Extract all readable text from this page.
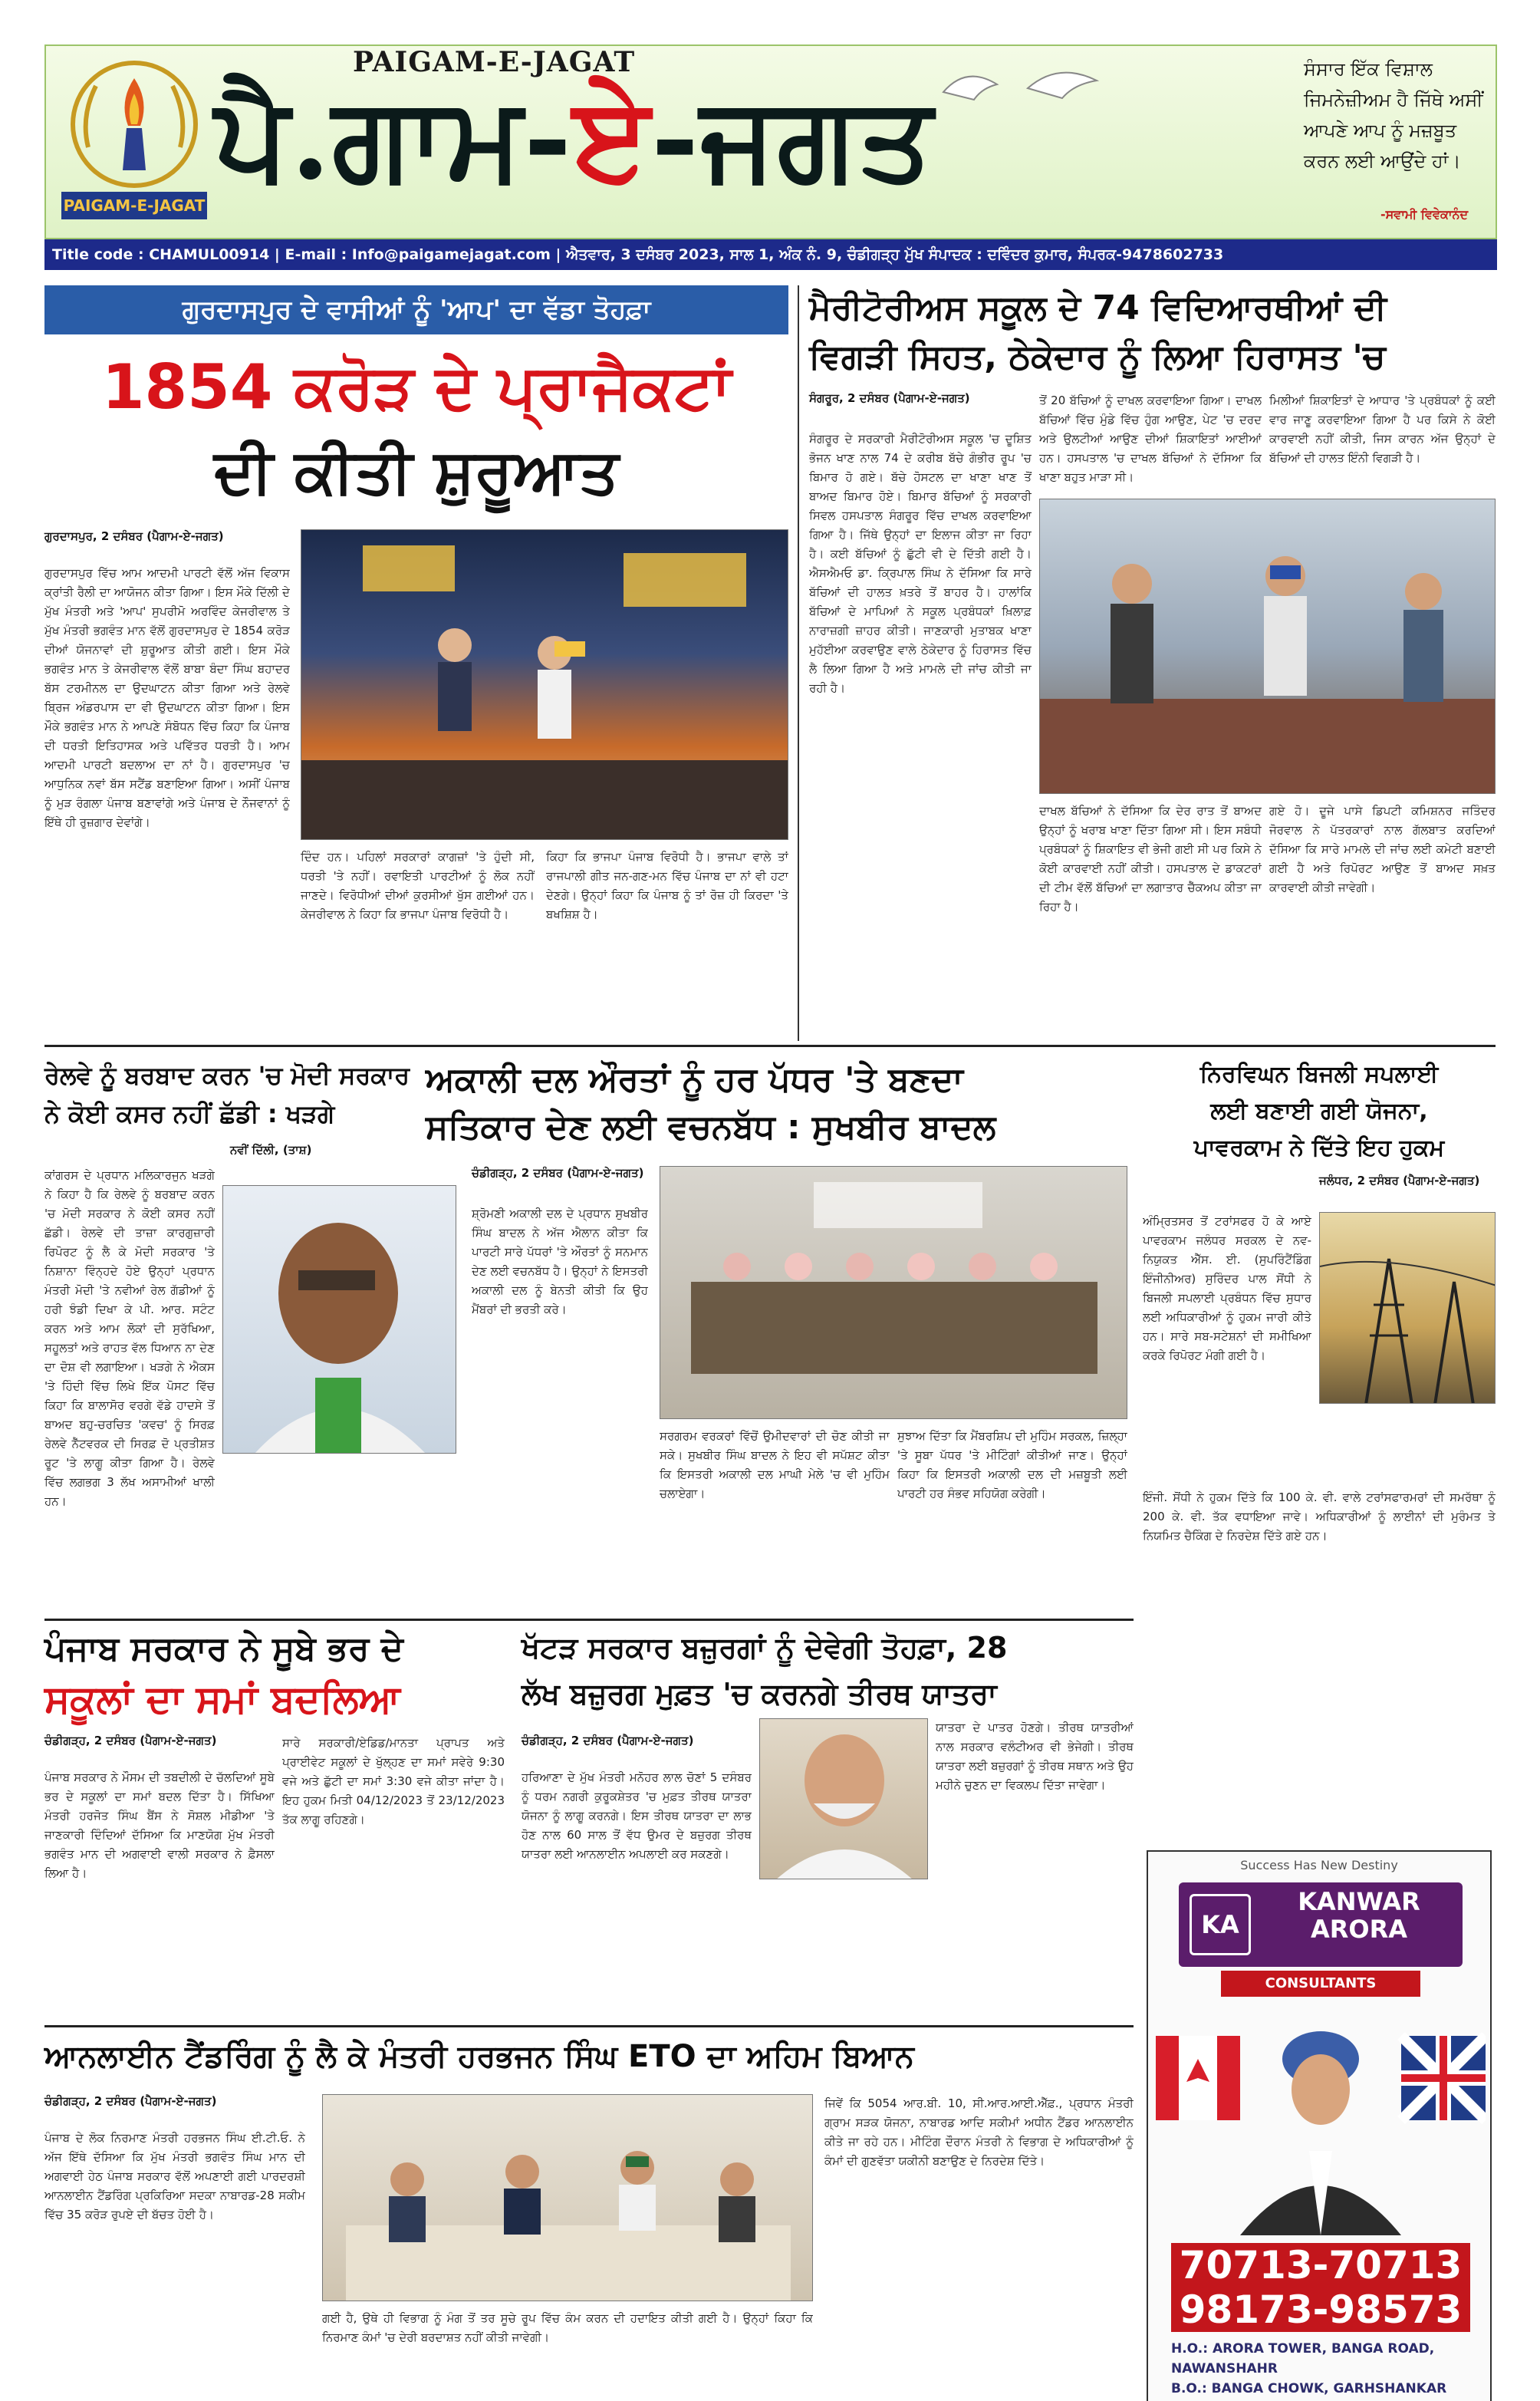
PAIGAM-E-JAGAT
PAIGAM-E-JAGAT
ਪੈ.ਗਾਮ-ਏ-ਜਗਤ
ਸੰਸਾਰ ਇੱਕ ਵਿਸ਼ਾਲ ਜਿਮਨੇਜ਼ੀਅਮ ਹੈ ਜਿੱਥੇ ਅਸੀਂ ਆਪਣੇ ਆਪ ਨੂੰ ਮਜ਼ਬੂਤ ਕਰਨ ਲਈ ਆਉਂਦੇ ਹਾਂ।
-ਸਵਾਮੀ ਵਿਵੇਕਾਨੰਦ
Title code : CHAMUL00914 | E-mail : Info@paigamejagat.com | ਐਤਵਾਰ, 3 ਦਸੰਬਰ 2023, ਸਾਲ 1, ਅੰਕ ਨੰ. 9, ਚੰਡੀਗੜ੍ਹ ਮੁੱਖ ਸੰਪਾਦਕ : ਦਵਿੰਦਰ ਕੁਮਾਰ, ਸੰਪਰਕ-9478602733
ਗੁਰਦਾਸਪੁਰ ਦੇ ਵਾਸੀਆਂ ਨੂੰ 'ਆਪ' ਦਾ ਵੱਡਾ ਤੋਹਫ਼ਾ
1854 ਕਰੋੜ ਦੇ ਪ੍ਰਾਜੈਕਟਾਂ
ਦੀ ਕੀਤੀ ਸ਼ੁਰੂਆਤ
ਗੁਰਦਾਸਪੁਰ, 2 ਦਸੰਬਰ (ਪੈਗਾਮ-ਏ-ਜਗਤ)
ਗੁਰਦਾਸਪੁਰ ਵਿੱਚ ਆਮ ਆਦਮੀ ਪਾਰਟੀ ਵੱਲੋਂ ਅੱਜ ਵਿਕਾਸ ਕ੍ਰਾਂਤੀ ਰੈਲੀ ਦਾ ਆਯੋਜਨ ਕੀਤਾ ਗਿਆ। ਇਸ ਮੌਕੇ ਦਿੱਲੀ ਦੇ ਮੁੱਖ ਮੰਤਰੀ ਅਤੇ 'ਆਪ' ਸੁਪਰੀਮੋ ਅਰਵਿੰਦ ਕੇਜਰੀਵਾਲ ਤੇ ਮੁੱਖ ਮੰਤਰੀ ਭਗਵੰਤ ਮਾਨ ਵੱਲੋਂ ਗੁਰਦਾਸਪੁਰ ਦੇ 1854 ਕਰੋੜ ਦੀਆਂ ਯੋਜਨਾਵਾਂ ਦੀ ਸ਼ੁਰੂਆਤ ਕੀਤੀ ਗਈ। ਇਸ ਮੌਕੇ ਭਗਵੰਤ ਮਾਨ ਤੇ ਕੇਜਰੀਵਾਲ ਵੱਲੋਂ ਬਾਬਾ ਬੰਦਾ ਸਿੰਘ ਬਹਾਦਰ ਬੱਸ ਟਰਮੀਨਲ ਦਾ ਉਦਘਾਟਨ ਕੀਤਾ ਗਿਆ ਅਤੇ ਰੇਲਵੇ ਬ੍ਰਿਜ ਅੰਡਰਪਾਸ ਦਾ ਵੀ ਉਦਘਾਟਨ ਕੀਤਾ ਗਿਆ। ਇਸ ਮੌਕੇ ਭਗਵੰਤ ਮਾਨ ਨੇ ਆਪਣੇ ਸੰਬੋਧਨ ਵਿੱਚ ਕਿਹਾ ਕਿ ਪੰਜਾਬ ਦੀ ਧਰਤੀ ਇਤਿਹਾਸਕ ਅਤੇ ਪਵਿੱਤਰ ਧਰਤੀ ਹੈ। ਆਮ ਆਦਮੀ ਪਾਰਟੀ ਬਦਲਾਅ ਦਾ ਨਾਂ ਹੈ। ਗੁਰਦਾਸਪੁਰ 'ਚ ਆਧੁਨਿਕ ਨਵਾਂ ਬੱਸ ਸਟੈਂਡ ਬਣਾਇਆ ਗਿਆ। ਅਸੀਂ ਪੰਜਾਬ ਨੂੰ ਮੁੜ ਰੰਗਲਾ ਪੰਜਾਬ ਬਣਾਵਾਂਗੇ ਅਤੇ ਪੰਜਾਬ ਦੇ ਨੌਜਵਾਨਾਂ ਨੂੰ ਇੱਥੇ ਹੀ ਰੁਜ਼ਗਾਰ ਦੇਵਾਂਗੇ।
ਦਿੰਦ ਹਨ। ਪਹਿਲਾਂ ਸਰਕਾਰਾਂ ਕਾਗਜ਼ਾਂ 'ਤੇ ਹੁੰਦੀ ਸੀ, ਧਰਤੀ 'ਤੇ ਨਹੀਂ। ਰਵਾਇਤੀ ਪਾਰਟੀਆਂ ਨੂੰ ਲੋਕ ਨਹੀਂ ਜਾਣਦੇ। ਵਿਰੋਧੀਆਂ ਦੀਆਂ ਕੁਰਸੀਆਂ ਖੁੱਸ ਗਈਆਂ ਹਨ। ਕੇਜਰੀਵਾਲ ਨੇ ਕਿਹਾ ਕਿ ਭਾਜਪਾ ਪੰਜਾਬ ਵਿਰੋਧੀ ਹੈ।
ਕਿਹਾ ਕਿ ਭਾਜਪਾ ਪੰਜਾਬ ਵਿਰੋਧੀ ਹੈ। ਭਾਜਪਾ ਵਾਲੇ ਤਾਂ ਰਾਜਪਾਲੀ ਗੀਤ ਜਨ-ਗਣ-ਮਨ ਵਿੱਚ ਪੰਜਾਬ ਦਾ ਨਾਂ ਵੀ ਹਟਾ ਦੇਣਗੇ। ਉਨ੍ਹਾਂ ਕਿਹਾ ਕਿ ਪੰਜਾਬ ਨੂੰ ਤਾਂ ਰੋਜ਼ ਹੀ ਕਿਰਦਾ 'ਤੇ ਬਖਸ਼ਿਸ਼ ਹੈ।
ਮੈਰੀਟੋਰੀਅਸ ਸਕੂਲ ਦੇ 74 ਵਿਦਿਆਰਥੀਆਂ ਦੀ
ਵਿਗੜੀ ਸਿਹਤ, ਠੇਕੇਦਾਰ ਨੂੰ ਲਿਆ ਹਿਰਾਸਤ 'ਚ
ਸੰਗਰੂਰ, 2 ਦਸੰਬਰ (ਪੈਗਾਮ-ਏ-ਜਗਤ)
ਸੰਗਰੂਰ ਦੇ ਸਰਕਾਰੀ ਮੈਰੀਟੋਰੀਅਸ ਸਕੂਲ 'ਚ ਦੂਸ਼ਿਤ ਭੋਜਨ ਖਾਣ ਨਾਲ 74 ਦੇ ਕਰੀਬ ਬੱਚੇ ਗੰਭੀਰ ਰੂਪ 'ਚ ਬਿਮਾਰ ਹੋ ਗਏ। ਬੱਚੇ ਹੋਸਟਲ ਦਾ ਖਾਣਾ ਖਾਣ ਤੋਂ ਬਾਅਦ ਬਿਮਾਰ ਹੋਏ। ਬਿਮਾਰ ਬੱਚਿਆਂ ਨੂੰ ਸਰਕਾਰੀ ਸਿਵਲ ਹਸਪਤਾਲ ਸੰਗਰੂਰ ਵਿੱਚ ਦਾਖਲ ਕਰਵਾਇਆ ਗਿਆ ਹੈ। ਜਿੱਥੇ ਉਨ੍ਹਾਂ ਦਾ ਇਲਾਜ ਕੀਤਾ ਜਾ ਰਿਹਾ ਹੈ। ਕਈ ਬੱਚਿਆਂ ਨੂੰ ਛੁੱਟੀ ਵੀ ਦੇ ਦਿੱਤੀ ਗਈ ਹੈ। ਐਸਐਮਓ ਡਾ. ਕ੍ਰਿਪਾਲ ਸਿੰਘ ਨੇ ਦੱਸਿਆ ਕਿ ਸਾਰੇ ਬੱਚਿਆਂ ਦੀ ਹਾਲਤ ਖ਼ਤਰੇ ਤੋਂ ਬਾਹਰ ਹੈ। ਹਾਲਾਂਕਿ ਬੱਚਿਆਂ ਦੇ ਮਾਪਿਆਂ ਨੇ ਸਕੂਲ ਪ੍ਰਬੰਧਕਾਂ ਖ਼ਿਲਾਫ਼ ਨਾਰਾਜ਼ਗੀ ਜ਼ਾਹਰ ਕੀਤੀ। ਜਾਣਕਾਰੀ ਮੁਤਾਬਕ ਖਾਣਾ ਮੁਹੱਈਆ ਕਰਵਾਉਣ ਵਾਲੇ ਠੇਕੇਦਾਰ ਨੂੰ ਹਿਰਾਸਤ ਵਿੱਚ ਲੈ ਲਿਆ ਗਿਆ ਹੈ ਅਤੇ ਮਾਮਲੇ ਦੀ ਜਾਂਚ ਕੀਤੀ ਜਾ ਰਹੀ ਹੈ।
ਤੋਂ 20 ਬੱਚਿਆਂ ਨੂੰ ਦਾਖਲ ਕਰਵਾਇਆ ਗਿਆ। ਦਾਖਲ ਬੱਚਿਆਂ ਵਿੱਚ ਮੁੰਡੇ ਵਿੱਚ ਹੁੰਗ ਆਉਣ, ਪੇਟ 'ਚ ਦਰਦ ਅਤੇ ਉਲਟੀਆਂ ਆਉਣ ਦੀਆਂ ਸ਼ਿਕਾਇਤਾਂ ਆਈਆਂ ਹਨ। ਹਸਪਤਾਲ 'ਚ ਦਾਖਲ ਬੱਚਿਆਂ ਨੇ ਦੱਸਿਆ ਕਿ ਖਾਣਾ ਬਹੁਤ ਮਾੜਾ ਸੀ।
ਮਿਲੀਆਂ ਸ਼ਿਕਾਇਤਾਂ ਦੇ ਆਧਾਰ 'ਤੇ ਪ੍ਰਬੰਧਕਾਂ ਨੂੰ ਕਈ ਵਾਰ ਜਾਣੂ ਕਰਵਾਇਆ ਗਿਆ ਹੈ ਪਰ ਕਿਸੇ ਨੇ ਕੋਈ ਕਾਰਵਾਈ ਨਹੀਂ ਕੀਤੀ, ਜਿਸ ਕਾਰਨ ਅੱਜ ਉਨ੍ਹਾਂ ਦੇ ਬੱਚਿਆਂ ਦੀ ਹਾਲਤ ਇੰਨੀ ਵਿਗੜੀ ਹੈ।
ਦਾਖਲ ਬੱਚਿਆਂ ਨੇ ਦੱਸਿਆ ਕਿ ਦੇਰ ਰਾਤ ਤੋਂ ਬਾਅਦ ਉਨ੍ਹਾਂ ਨੂੰ ਖਰਾਬ ਖਾਣਾ ਦਿੱਤਾ ਗਿਆ ਸੀ। ਇਸ ਸਬੰਧੀ ਪ੍ਰਬੰਧਕਾਂ ਨੂੰ ਸ਼ਿਕਾਇਤ ਵੀ ਭੇਜੀ ਗਈ ਸੀ ਪਰ ਕਿਸੇ ਨੇ ਕੋਈ ਕਾਰਵਾਈ ਨਹੀਂ ਕੀਤੀ। ਹਸਪਤਾਲ ਦੇ ਡਾਕਟਰਾਂ ਦੀ ਟੀਮ ਵੱਲੋਂ ਬੱਚਿਆਂ ਦਾ ਲਗਾਤਾਰ ਚੈੱਕਅਪ ਕੀਤਾ ਜਾ ਰਿਹਾ ਹੈ।
ਗਏ ਹੋ। ਦੂਜੇ ਪਾਸੇ ਡਿਪਟੀ ਕਮਿਸ਼ਨਰ ਜਤਿੰਦਰ ਜੋਰਵਾਲ ਨੇ ਪੱਤਰਕਾਰਾਂ ਨਾਲ ਗੱਲਬਾਤ ਕਰਦਿਆਂ ਦੱਸਿਆ ਕਿ ਸਾਰੇ ਮਾਮਲੇ ਦੀ ਜਾਂਚ ਲਈ ਕਮੇਟੀ ਬਣਾਈ ਗਈ ਹੈ ਅਤੇ ਰਿਪੋਰਟ ਆਉਣ ਤੋਂ ਬਾਅਦ ਸਖ਼ਤ ਕਾਰਵਾਈ ਕੀਤੀ ਜਾਵੇਗੀ।
ਰੇਲਵੇ ਨੂੰ ਬਰਬਾਦ ਕਰਨ 'ਚ ਮੋਦੀ ਸਰਕਾਰ
ਨੇ ਕੋਈ ਕਸਰ ਨਹੀਂ ਛੱਡੀ : ਖੜਗੇ
ਨਵੀਂ ਦਿੱਲੀ, (ਤਾਸ਼)
ਕਾਂਗਰਸ ਦੇ ਪ੍ਰਧਾਨ ਮਲਿਕਾਰਜੁਨ ਖੜਗੇ ਨੇ ਕਿਹਾ ਹੈ ਕਿ ਰੇਲਵੇ ਨੂੰ ਬਰਬਾਦ ਕਰਨ 'ਚ ਮੋਦੀ ਸਰਕਾਰ ਨੇ ਕੋਈ ਕਸਰ ਨਹੀਂ ਛੱਡੀ। ਰੇਲਵੇ ਦੀ ਤਾਜ਼ਾ ਕਾਰਗੁਜ਼ਾਰੀ ਰਿਪੋਰਟ ਨੂੰ ਲੈ ਕੇ ਮੋਦੀ ਸਰਕਾਰ 'ਤੇ ਨਿਸ਼ਾਨਾ ਵਿੰਨ੍ਹਦੇ ਹੋਏ ਉਨ੍ਹਾਂ ਪ੍ਰਧਾਨ ਮੰਤਰੀ ਮੋਦੀ 'ਤੇ ਨਵੀਆਂ ਰੇਲ ਗੱਡੀਆਂ ਨੂੰ ਹਰੀ ਝੰਡੀ ਦਿਖਾ ਕੇ ਪੀ. ਆਰ. ਸਟੰਟ ਕਰਨ ਅਤੇ ਆਮ ਲੋਕਾਂ ਦੀ ਸੁਰੱਖਿਆ, ਸਹੂਲਤਾਂ ਅਤੇ ਰਾਹਤ ਵੱਲ ਧਿਆਨ ਨਾ ਦੇਣ ਦਾ ਦੋਸ਼ ਵੀ ਲਗਾਇਆ। ਖੜਗੇ ਨੇ ਐਕਸ 'ਤੇ ਹਿੰਦੀ ਵਿੱਚ ਲਿਖੇ ਇੱਕ ਪੋਸਟ ਵਿੱਚ ਕਿਹਾ ਕਿ ਬਾਲਾਸੋਰ ਵਰਗੇ ਵੱਡੇ ਹਾਦਸੇ ਤੋਂ ਬਾਅਦ ਬਹੁ-ਚਰਚਿਤ 'ਕਵਚ' ਨੂੰ ਸਿਰਫ਼ ਰੇਲਵੇ ਨੈੱਟਵਰਕ ਦੀ ਸਿਰਫ਼ ਦੋ ਪ੍ਰਤੀਸ਼ਤ ਰੂਟ 'ਤੇ ਲਾਗੂ ਕੀਤਾ ਗਿਆ ਹੈ। ਰੇਲਵੇ ਵਿੱਚ ਲਗਭਗ 3 ਲੱਖ ਅਸਾਮੀਆਂ ਖਾਲੀ ਹਨ।
ਅਕਾਲੀ ਦਲ ਔਰਤਾਂ ਨੂੰ ਹਰ ਪੱਧਰ 'ਤੇ ਬਣਦਾ
ਸਤਿਕਾਰ ਦੇਣ ਲਈ ਵਚਨਬੱਧ : ਸੁਖਬੀਰ ਬਾਦਲ
ਚੰਡੀਗੜ੍ਹ, 2 ਦਸੰਬਰ (ਪੈਗਾਮ-ਏ-ਜਗਤ)
ਸ਼੍ਰੋਮਣੀ ਅਕਾਲੀ ਦਲ ਦੇ ਪ੍ਰਧਾਨ ਸੁਖਬੀਰ ਸਿੰਘ ਬਾਦਲ ਨੇ ਅੱਜ ਐਲਾਨ ਕੀਤਾ ਕਿ ਪਾਰਟੀ ਸਾਰੇ ਪੱਧਰਾਂ 'ਤੇ ਔਰਤਾਂ ਨੂੰ ਸਨਮਾਨ ਦੇਣ ਲਈ ਵਚਨਬੱਧ ਹੈ। ਉਨ੍ਹਾਂ ਨੇ ਇਸਤਰੀ ਅਕਾਲੀ ਦਲ ਨੂੰ ਬੇਨਤੀ ਕੀਤੀ ਕਿ ਉਹ ਮੈਂਬਰਾਂ ਦੀ ਭਰਤੀ ਕਰੇ।
ਸਰਗਰਮ ਵਰਕਰਾਂ ਵਿੱਚੋਂ ਉਮੀਦਵਾਰਾਂ ਦੀ ਚੋਣ ਕੀਤੀ ਜਾ ਸਕੇ। ਸੁਖਬੀਰ ਸਿੰਘ ਬਾਦਲ ਨੇ ਇਹ ਵੀ ਸਪੱਸ਼ਟ ਕੀਤਾ ਕਿ ਇਸਤਰੀ ਅਕਾਲੀ ਦਲ ਮਾਘੀ ਮੇਲੇ 'ਚ ਵੀ ਮੁਹਿੰਮ ਚਲਾਏਗਾ।
ਸੁਝਾਅ ਦਿੱਤਾ ਕਿ ਮੈਂਬਰਸ਼ਿਪ ਦੀ ਮੁਹਿੰਮ ਸਰਕਲ, ਜ਼ਿਲ੍ਹਾ 'ਤੇ ਸੂਬਾ ਪੱਧਰ 'ਤੇ ਮੀਟਿੰਗਾਂ ਕੀਤੀਆਂ ਜਾਣ। ਉਨ੍ਹਾਂ ਕਿਹਾ ਕਿ ਇਸਤਰੀ ਅਕਾਲੀ ਦਲ ਦੀ ਮਜ਼ਬੂਤੀ ਲਈ ਪਾਰਟੀ ਹਰ ਸੰਭਵ ਸਹਿਯੋਗ ਕਰੇਗੀ।
ਨਿਰਵਿਘਨ ਬਿਜਲੀ ਸਪਲਾਈ
ਲਈ ਬਣਾਈ ਗਈ ਯੋਜਨਾ,
ਪਾਵਰਕਾਮ ਨੇ ਦਿੱਤੇ ਇਹ ਹੁਕਮ
ਜਲੰਧਰ, 2 ਦਸੰਬਰ (ਪੈਗਾਮ-ਏ-ਜਗਤ)
ਅੰਮ੍ਰਿਤਸਰ ਤੋਂ ਟਰਾਂਸਫਰ ਹੋ ਕੇ ਆਏ ਪਾਵਰਕਾਮ ਜਲੰਧਰ ਸਰਕਲ ਦੇ ਨਵ-ਨਿਯੁਕਤ ਐੱਸ. ਈ. (ਸੁਪਰਿੰਟੈਂਡਿੰਗ ਇੰਜੀਨੀਅਰ) ਸੁਰਿੰਦਰ ਪਾਲ ਸੋਂਧੀ ਨੇ ਬਿਜਲੀ ਸਪਲਾਈ ਪ੍ਰਬੰਧਨ ਵਿੱਚ ਸੁਧਾਰ ਲਈ ਅਧਿਕਾਰੀਆਂ ਨੂੰ ਹੁਕਮ ਜਾਰੀ ਕੀਤੇ ਹਨ। ਸਾਰੇ ਸਬ-ਸਟੇਸ਼ਨਾਂ ਦੀ ਸਮੀਖਿਆ ਕਰਕੇ ਰਿਪੋਰਟ ਮੰਗੀ ਗਈ ਹੈ।
ਇੰਜੀ. ਸੋਂਧੀ ਨੇ ਹੁਕਮ ਦਿੱਤੇ ਕਿ 100 ਕੇ. ਵੀ. ਵਾਲੇ ਟਰਾਂਸਫਾਰਮਰਾਂ ਦੀ ਸਮਰੱਥਾ ਨੂੰ 200 ਕੇ. ਵੀ. ਤੱਕ ਵਧਾਇਆ ਜਾਵੇ। ਅਧਿਕਾਰੀਆਂ ਨੂੰ ਲਾਈਨਾਂ ਦੀ ਮੁਰੰਮਤ ਤੇ ਨਿਯਮਿਤ ਚੈਕਿੰਗ ਦੇ ਨਿਰਦੇਸ਼ ਦਿੱਤੇ ਗਏ ਹਨ।
ਪੰਜਾਬ ਸਰਕਾਰ ਨੇ ਸੂਬੇ ਭਰ ਦੇ
ਸਕੂਲਾਂ ਦਾ ਸਮਾਂ ਬਦਲਿਆ
ਚੰਡੀਗੜ੍ਹ, 2 ਦਸੰਬਰ (ਪੈਗਾਮ-ਏ-ਜਗਤ)
ਪੰਜਾਬ ਸਰਕਾਰ ਨੇ ਮੌਸਮ ਦੀ ਤਬਦੀਲੀ ਦੇ ਚੱਲਦਿਆਂ ਸੂਬੇ ਭਰ ਦੇ ਸਕੂਲਾਂ ਦਾ ਸਮਾਂ ਬਦਲ ਦਿੱਤਾ ਹੈ। ਸਿੱਖਿਆ ਮੰਤਰੀ ਹਰਜੋਤ ਸਿੰਘ ਬੈਂਸ ਨੇ ਸੋਸ਼ਲ ਮੀਡੀਆ 'ਤੇ ਜਾਣਕਾਰੀ ਦਿੰਦਿਆਂ ਦੱਸਿਆ ਕਿ ਮਾਣਯੋਗ ਮੁੱਖ ਮੰਤਰੀ ਭਗਵੰਤ ਮਾਨ ਦੀ ਅਗਵਾਈ ਵਾਲੀ ਸਰਕਾਰ ਨੇ ਫ਼ੈਸਲਾ ਲਿਆ ਹੈ।
ਸਾਰੇ ਸਰਕਾਰੀ/ਏਡਿਡ/ਮਾਨਤਾ ਪ੍ਰਾਪਤ ਅਤੇ ਪ੍ਰਾਈਵੇਟ ਸਕੂਲਾਂ ਦੇ ਖੁੱਲ੍ਹਣ ਦਾ ਸਮਾਂ ਸਵੇਰੇ 9:30 ਵਜੇ ਅਤੇ ਛੁੱਟੀ ਦਾ ਸਮਾਂ 3:30 ਵਜੇ ਕੀਤਾ ਜਾਂਦਾ ਹੈ। ਇਹ ਹੁਕਮ ਮਿਤੀ 04/12/2023 ਤੋਂ 23/12/2023 ਤੱਕ ਲਾਗੂ ਰਹਿਣਗੇ।
ਖੱਟੜ ਸਰਕਾਰ ਬਜ਼ੁਰਗਾਂ ਨੂੰ ਦੇਵੇਗੀ ਤੋਹਫ਼ਾ, 28
ਲੱਖ ਬਜ਼ੁਰਗ ਮੁਫ਼ਤ 'ਚ ਕਰਨਗੇ ਤੀਰਥ ਯਾਤਰਾ
ਚੰਡੀਗੜ੍ਹ, 2 ਦਸੰਬਰ (ਪੈਗਾਮ-ਏ-ਜਗਤ)
ਹਰਿਆਣਾ ਦੇ ਮੁੱਖ ਮੰਤਰੀ ਮਨੋਹਰ ਲਾਲ ਚੋਣਾਂ 5 ਦਸੰਬਰ ਨੂੰ ਧਰਮ ਨਗਰੀ ਕੁਰੂਕਸ਼ੇਤਰ 'ਚ ਮੁਫ਼ਤ ਤੀਰਥ ਯਾਤਰਾ ਯੋਜਨਾ ਨੂੰ ਲਾਗੂ ਕਰਨਗੇ। ਇਸ ਤੀਰਥ ਯਾਤਰਾ ਦਾ ਲਾਭ ਹੋਣ ਨਾਲ 60 ਸਾਲ ਤੋਂ ਵੱਧ ਉਮਰ ਦੇ ਬਜ਼ੁਰਗ ਤੀਰਥ ਯਾਤਰਾ ਲਈ ਆਨਲਾਈਨ ਅਪਲਾਈ ਕਰ ਸਕਣਗੇ।
ਯਾਤਰਾ ਦੇ ਪਾਤਰ ਹੋਣਗੇ। ਤੀਰਥ ਯਾਤਰੀਆਂ ਨਾਲ ਸਰਕਾਰ ਵਲੰਟੀਅਰ ਵੀ ਭੇਜੇਗੀ। ਤੀਰਥ ਯਾਤਰਾ ਲਈ ਬਜ਼ੁਰਗਾਂ ਨੂੰ ਤੀਰਥ ਸਥਾਨ ਅਤੇ ਉਹ ਮਹੀਨੇ ਚੁਣਨ ਦਾ ਵਿਕਲਪ ਦਿੱਤਾ ਜਾਵੇਗਾ।
Success Has New Destiny
KA
KANWAR
ARORA
CONSULTANTS
70713-70713
98173-98573
H.O.: ARORA TOWER, BANGA ROAD, NAWANSHAHR
B.O.: BANGA CHOWK, GARHSHANKAR
ਆਨਲਾਈਨ ਟੈਂਡਰਿੰਗ ਨੂੰ ਲੈ ਕੇ ਮੰਤਰੀ ਹਰਭਜਨ ਸਿੰਘ ETO ਦਾ ਅਹਿਮ ਬਿਆਨ
ਚੰਡੀਗੜ੍ਹ, 2 ਦਸੰਬਰ (ਪੈਗਾਮ-ਏ-ਜਗਤ)
ਪੰਜਾਬ ਦੇ ਲੋਕ ਨਿਰਮਾਣ ਮੰਤਰੀ ਹਰਭਜਨ ਸਿੰਘ ਈ.ਟੀ.ਓ. ਨੇ ਅੱਜ ਇੱਥੇ ਦੱਸਿਆ ਕਿ ਮੁੱਖ ਮੰਤਰੀ ਭਗਵੰਤ ਸਿੰਘ ਮਾਨ ਦੀ ਅਗਵਾਈ ਹੇਠ ਪੰਜਾਬ ਸਰਕਾਰ ਵੱਲੋਂ ਅਪਣਾਈ ਗਈ ਪਾਰਦਰਸ਼ੀ ਆਨਲਾਈਨ ਟੈਂਡਰਿੰਗ ਪ੍ਰਕਿਰਿਆ ਸਦਕਾ ਨਾਬਾਰਡ-28 ਸਕੀਮ ਵਿੱਚ 35 ਕਰੋੜ ਰੁਪਏ ਦੀ ਬੱਚਤ ਹੋਈ ਹੈ।
ਗਈ ਹੈ, ਉਥੇ ਹੀ ਵਿਭਾਗ ਨੂੰ ਮੰਗ ਤੋਂ ਤਰ ਸੂਚੇ ਰੂਪ ਵਿੱਚ ਕੰਮ ਕਰਨ ਦੀ ਹਦਾਇਤ ਕੀਤੀ ਗਈ ਹੈ। ਉਨ੍ਹਾਂ ਕਿਹਾ ਕਿ ਨਿਰਮਾਣ ਕੰਮਾਂ 'ਚ ਦੇਰੀ ਬਰਦਾਸ਼ਤ ਨਹੀਂ ਕੀਤੀ ਜਾਵੇਗੀ।
ਜਿਵੇਂ ਕਿ 5054 ਆਰ.ਬੀ. 10, ਸੀ.ਆਰ.ਆਈ.ਐੱਫ਼., ਪ੍ਰਧਾਨ ਮੰਤਰੀ ਗ੍ਰਾਮ ਸੜਕ ਯੋਜਨਾ, ਨਾਬਾਰਡ ਆਦਿ ਸਕੀਮਾਂ ਅਧੀਨ ਟੈਂਡਰ ਆਨਲਾਈਨ ਕੀਤੇ ਜਾ ਰਹੇ ਹਨ। ਮੀਟਿੰਗ ਦੌਰਾਨ ਮੰਤਰੀ ਨੇ ਵਿਭਾਗ ਦੇ ਅਧਿਕਾਰੀਆਂ ਨੂੰ ਕੰਮਾਂ ਦੀ ਗੁਣਵੱਤਾ ਯਕੀਨੀ ਬਣਾਉਣ ਦੇ ਨਿਰਦੇਸ਼ ਦਿੱਤੇ।
